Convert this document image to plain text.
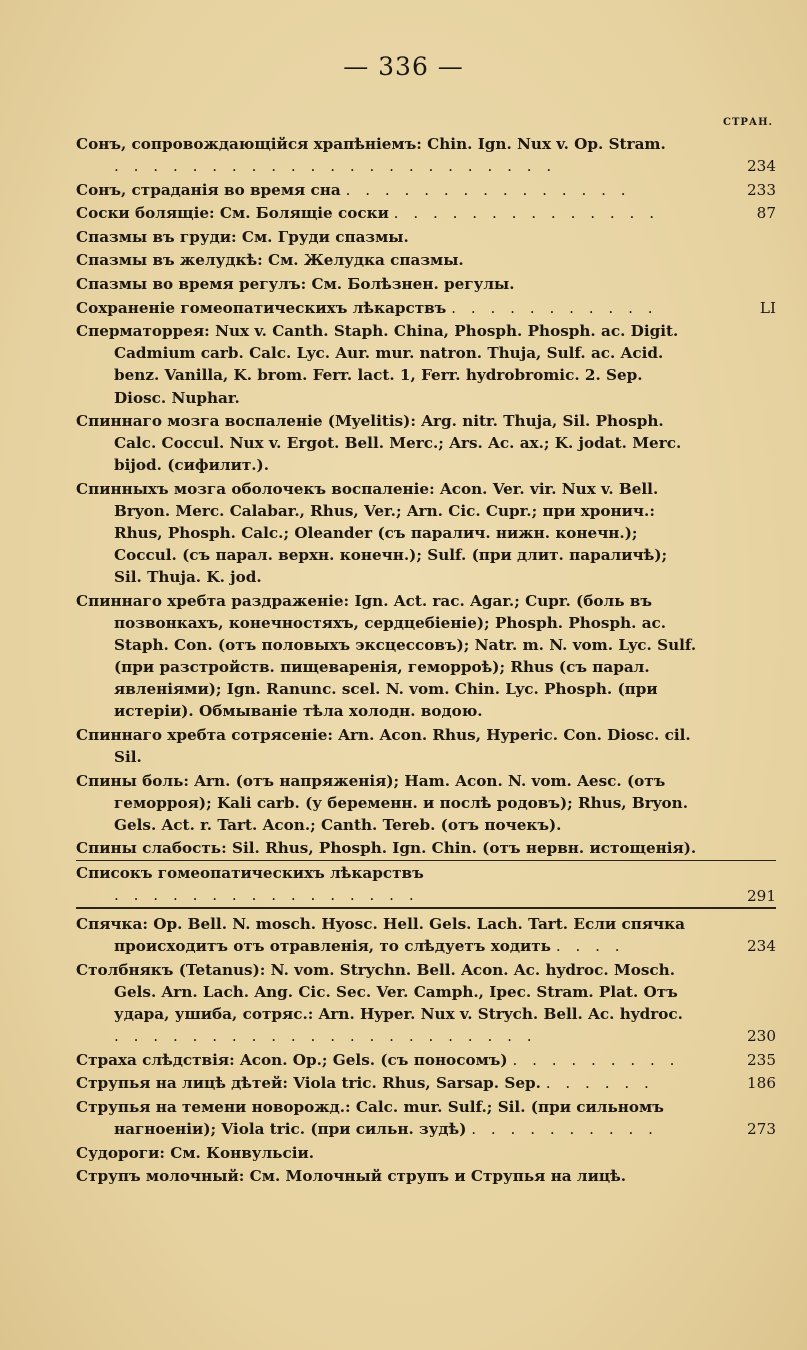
— 336 —
СТРАН.
Сонъ, сопровождающійся храпѣніемъ: Chin. Ign. Nux v. Op. Stram. . . . . . . . . . . . . . . . . . . . . . . .	234
Сонъ, страданія во время сна . . . . . . . . . . . . . . .	233
Соски болящіе: См. Болящіе соски . . . . . . . . . . . . . .	87
Спазмы въ груди: См. Груди спазмы.
Спазмы въ желудкѣ: См. Желудка спазмы.
Спазмы во время регулъ: См. Болѣзнен. регулы.
Сохраненіе гомеопатическихъ лѣкарствъ . . . . . . . . . . .	LI
Сперматоррея: Nux v. Canth. Staph. China, Phosph. Phosph. ac. Digit. Cadmium carb. Calc. Lyc. Aur. mur. natron. Thuja, Sulf. ac. Acid. benz. Vanilla, K. brom. Ferr. lact. 1, Ferr. hydrobromic. 2. Sep. Diosc. Nuphar.
Спиннаго мозга воспаленіе (Myelitis): Arg. nitr. Thuja, Sil. Phosph. Calc. Coccul. Nux v. Ergot. Bell. Merc.; Ars. Ac. ax.; K. jodat. Merc. bijod. (сифилит.).
Спинныхъ мозга оболочекъ воспаленіе: Acon. Ver. vir. Nux v. Bell. Bryon. Merc. Calabar., Rhus, Ver.; Arn. Cic. Cupr.; при хронич.: Rhus, Phosph. Calc.; Oleander (съ паралич. нижн. конечн.); Coccul. (съ парал. верхн. конечн.); Sulf. (при длит. параличѣ); Sil. Thuja. K. jod.
Спиннаго хребта раздраженіе: Ign. Act. rac. Agar.; Cupr. (боль въ позвонкахъ, конечностяхъ, сердцебіеніе); Phosph. Phosph. ac. Staph. Con. (отъ половыхъ эксцессовъ); Natr. m. N. vom. Lyc. Sulf. (при разстройств. пищеваренія, геморроѣ); Rhus (съ парал. явленіями); Ign. Ranunc. scel. N. vom. Chin. Lyc. Phosph. (при истеріи). Обмываніе тѣла холодн. водою.
Спиннаго хребта сотрясеніе: Arn. Acon. Rhus, Hyperic. Con. Diosc. cil. Sil.
Спины боль: Arn. (отъ напряженія); Ham. Acon. N. vom. Aesc. (отъ геморроя); Kali carb. (у беременн. и послѣ родовъ); Rhus, Bryon. Gels. Act. r. Tart. Acon.; Canth. Tereb. (отъ почекъ).
Спины слабость: Sil. Rhus, Phosph. Ign. Chin. (отъ нервн. истощенія).
Списокъ гомеопатическихъ лѣкарствъ . . . . . . . . . . . . . . . .	291
Спячка: Op. Bell. N. mosch. Hyosc. Hell. Gels. Lach. Tart. Если спячка происходитъ отъ отравленія, то слѣдуетъ ходить . . . .	234
Столбнякъ (Tetanus): N. vom. Strychn. Bell. Acon. Ac. hydroc. Mosch. Gels. Arn. Lach. Ang. Cic. Sec. Ver. Camph., Ipec. Stram. Plat. Отъ удара, ушиба, сотряс.: Arn. Hyper. Nux v. Strych. Bell. Ac. hydroc. . . . . . . . . . . . . . . . . . . . . . .	230
Страха слѣдствія: Acon. Op.; Gels. (съ поносомъ) . . . . . . . . .	235
Струпья на лицѣ дѣтей: Viola tric. Rhus, Sarsap. Sep. . . . . . .	186
Струпья на темени новорожд.: Calc. mur. Sulf.; Sil. (при сильномъ нагноеніи); Viola tric. (при сильн. зудѣ) . . . . . . . . . .	273
Судороги: См. Конвульсіи.
Струпъ молочный: См. Молочный струпъ и Струпья на лицѣ.
